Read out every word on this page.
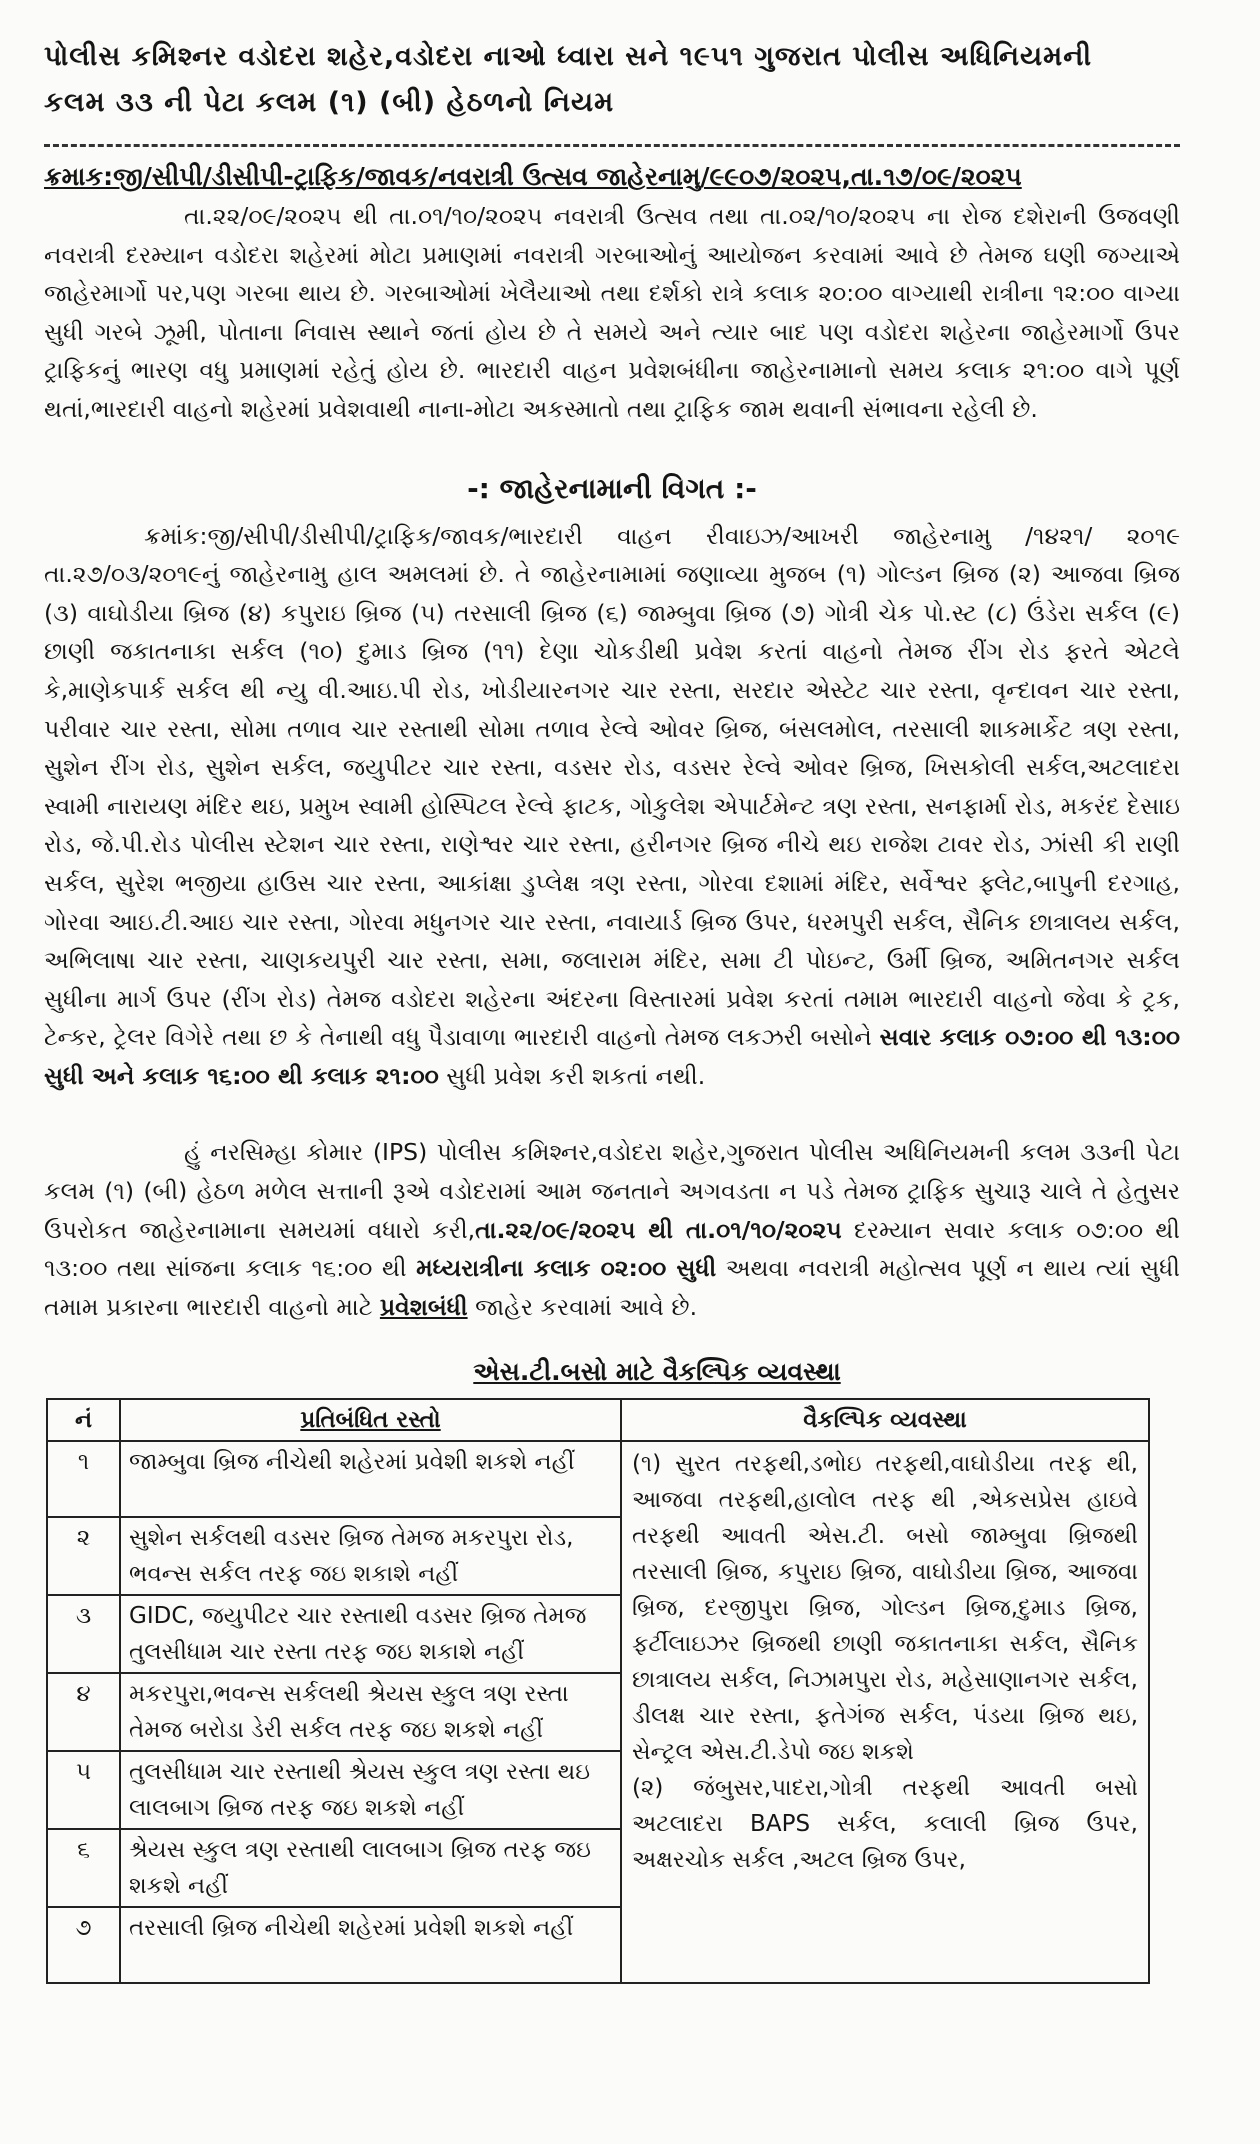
પોલીસ કમિશ્નર વડોદરા શહેર,વડોદરા નાઓ ધ્વારા સને ૧૯૫૧ ગુજરાત પોલીસ અધિનિયમની
કલમ ૩૩ ની પેટા કલમ (૧) (બી) હેઠળનો નિયમ
ક્રમાક:જી/સીપી/ડીસીપી-ટ્રાફિક/જાવક/નવરાત્રી ઉત્સવ જાહેરનામુ/૯૯૦૭/૨૦૨૫,તા.૧૭/૦૯/૨૦૨૫

તા.૨૨/૦૯/૨૦૨૫ થી તા.૦૧/૧૦/૨૦૨૫ નવરાત્રી ઉત્સવ તથા તા.૦૨/૧૦/૨૦૨૫ ના રોજ દશેરાની ઉજવણી નવરાત્રી દરમ્યાન વડોદરા શહેરમાં મોટા પ્રમાણમાં નવરાત્રી ગરબાઓનું આયોજન કરવામાં આવે છે તેમજ ઘણી જગ્યાએ જાહેરમાર્ગો પર,પણ ગરબા થાય છે. ગરબાઓમાં ખેલૈયાઓ તથા દર્શકો રાત્રે કલાક ૨૦:૦૦ વાગ્યાથી રાત્રીના ૧૨:૦૦ વાગ્યા સુધી ગરબે ઝૂમી, પોતાના નિવાસ સ્થાને જતાં હોય છે તે સમયે અને ત્યાર બાદ પણ વડોદરા શહેરના જાહેરમાર્ગો ઉપર ટ્રાફિકનું ભારણ વધુ પ્રમાણમાં રહેતું હોય છે. ભારદારી વાહન પ્રવેશબંધીના જાહેરનામાનો સમય કલાક ૨૧:૦૦ વાગે પૂર્ણ થતાં,ભારદારી વાહનો શહેરમાં પ્રવેશવાથી નાના-મોટા અકસ્માતો તથા ટ્રાફિક જામ થવાની સંભાવના રહેલી છે.

-: જાહેરનામાની વિગત :-

ક્રમાંક:જી/સીપી/ડીસીપી/ટ્રાફિક/જાવક/ભારદારી વાહન રીવાઇઝ/આખરી જાહેરનામુ /૧૪૨૧/ ૨૦૧૯ તા.૨૭/૦૩/૨૦૧૯નું જાહેરનામુ હાલ અમલમાં છે. તે જાહેરનામામાં જણાવ્યા મુજબ (૧) ગોલ્ડન બ્રિજ (૨) આજવા બ્રિજ (૩) વાઘોડીયા બ્રિજ (૪) કપુરાઇ બ્રિજ (૫) તરસાલી બ્રિજ (૬) જામ્બુવા બ્રિજ (૭) ગોત્રી ચેક પો.સ્ટ (૮) ઉંડેરા સર્કલ (૯) છાણી જકાતનાકા સર્કલ (૧૦) દુમાડ બ્રિજ (૧૧) દેણા ચોકડીથી પ્રવેશ કરતાં વાહનો તેમજ રીંગ રોડ ફરતે એટલે કે,માણેકપાર્ક સર્કલ થી ન્યુ વી.આઇ.પી રોડ, ખોડીયારનગર ચાર રસ્તા, સરદાર એસ્ટેટ ચાર રસ્તા, વૃન્દાવન ચાર રસ્તા, પરીવાર ચાર રસ્તા, સોમા તળાવ ચાર રસ્તાથી સોમા તળાવ રેલ્વે ઓવર બ્રિજ, બંસલમોલ, તરસાલી શાકમાર્કેટ ત્રણ રસ્તા, સુશેન રીંગ રોડ, સુશેન સર્કલ, જયુપીટર ચાર રસ્તા, વડસર રોડ, વડસર રેલ્વે ઓવર બ્રિજ, ખિસકોલી સર્કલ,અટલાદરા સ્વામી નારાયણ મંદિર થઇ, પ્રમુખ સ્વામી હોસ્પિટલ રેલ્વે ફાટક, ગોકુલેશ એપાર્ટમેન્ટ ત્રણ રસ્તા, સનફાર્મા રોડ, મકરંદ દેસાઇ રોડ, જે.પી.રોડ પોલીસ સ્ટેશન ચાર રસ્તા, રાણેશ્વર ચાર રસ્તા, હરીનગર બ્રિજ નીચે થઇ રાજેશ ટાવર રોડ, ઝાંસી કી રાણી સર્કલ, સુરેશ ભજીયા હાઉસ ચાર રસ્તા, આકાંક્ષા ડુપ્લેક્ષ ત્રણ રસ્તા, ગોરવા દશામાં મંદિર, સર્વેશ્વર ફ્લેટ,બાપુની દરગાહ, ગોરવા આઇ.ટી.આઇ ચાર રસ્તા, ગોરવા મધુનગર ચાર રસ્તા, નવાયાર્ડ બ્રિજ ઉપર, ધરમપુરી સર્કલ, સૈનિક છાત્રાલય સર્કલ, અભિલાષા ચાર રસ્તા, ચાણકયપુરી ચાર રસ્તા, સમા, જલારામ મંદિર, સમા ટી પોઇન્ટ, ઉર્મી બ્રિજ, અમિતનગર સર્કલ સુધીના માર્ગ ઉપર (રીંગ રોડ) તેમજ વડોદરા શહેરના અંદરના વિસ્તારમાં પ્રવેશ કરતાં તમામ ભારદારી વાહનો જેવા કે ટ્રક, ટેન્કર, ટ્રેલર વિગેરે તથા છ કે તેનાથી વધુ પૈડાવાળા ભારદારી વાહનો તેમજ લકઝરી બસોને સવાર કલાક ૦૭:૦૦ થી ૧૩:૦૦ સુધી અને કલાક ૧૬:૦૦ થી કલાક ૨૧:૦૦ સુધી પ્રવેશ કરી શકતાં નથી.

હું નરસિમ્હા કોમાર (IPS) પોલીસ કમિશ્નર,વડોદરા શહેર,ગુજરાત પોલીસ અધિનિયમની કલમ ૩૩ની પેટા કલમ (૧) (બી) હેઠળ મળેલ સત્તાની રૂએ વડોદરામાં આમ જનતાને અગવડતા ન પડે તેમજ ટ્રાફિક સુચારૂ ચાલે તે હેતુસર ઉપરોકત જાહેરનામાના સમયમાં વધારો કરી,તા.૨૨/૦૯/૨૦૨૫ થી તા.૦૧/૧૦/૨૦૨૫ દરમ્યાન સવાર કલાક ૦૭:૦૦ થી ૧૩:૦૦ તથા સાંજના કલાક ૧૬:૦૦ થી મધ્યરાત્રીના કલાક ૦૨:૦૦ સુધી અથવા નવરાત્રી મહોત્સવ પૂર્ણ ન થાય ત્યાં સુધી તમામ પ્રકારના ભારદારી વાહનો માટે પ્રવેશબંધી જાહેર કરવામાં આવે છે.

એસ.ટી.બસો માટે વૈકલ્પિક વ્યવસ્થા
નં	પ્રતિબંધિત રસ્તો	વૈકલ્પિક વ્યવસ્થા
૧	જામ્બુવા બ્રિજ નીચેથી શહેરમાં પ્રવેશી શકશે નહીં	(૧) સુરત તરફથી,ડભોઇ તરફથી,વાઘોડીયા તરફ થી, આજવા તરફથી,હાલોલ તરફ થી ,એકસપ્રેસ હાઇવે તરફથી આવતી એસ.ટી. બસો જામ્બુવા બ્રિજથી તરસાલી બ્રિજ, કપુરાઇ બ્રિજ, વાઘોડીયા બ્રિજ, આજવા બ્રિજ, દરજીપુરા બ્રિજ, ગોલ્ડન બ્રિજ,દુમાડ બ્રિજ, ફર્ટીલાઇઝર બ્રિજથી છાણી જકાતનાકા સર્કલ, સૈનિક છાત્રાલય સર્કલ, નિઝામપુરા રોડ, મહેસાણાનગર સર્કલ, ડીલક્ષ ચાર રસ્તા, ફતેગંજ સર્કલ, પંડયા બ્રિજ થઇ, સેન્ટ્રલ એસ.ટી.ડેપો જઇ શકશે
(૨) જંબુસર,પાદરા,ગોત્રી તરફથી આવતી બસો અટલાદરા BAPS સર્કલ, કલાલી બ્રિજ ઉપર, અક્ષરચોક સર્કલ ,અટલ બ્રિજ ઉપર,

૨	સુશેન સર્કલથી વડસર બ્રિજ તેમજ મકરપુરા રોડ, ભવન્સ સર્કલ તરફ જઇ શકાશે નહીં	
૩	GIDC, જયુપીટર ચાર રસ્તાથી વડસર બ્રિજ તેમજ તુલસીધામ ચાર રસ્તા તરફ જઇ શકાશે નહીં	
૪	મકરપુરા,ભવન્સ સર્કલથી શ્રેયસ સ્કુલ ત્રણ રસ્તા તેમજ બરોડા ડેરી સર્કલ તરફ જઇ શકશે નહીં	
૫	તુલસીધામ ચાર રસ્તાથી શ્રેયસ સ્કુલ ત્રણ રસ્તા થઇ લાલબાગ બ્રિજ તરફ જઇ શકશે નહીં	
૬	શ્રેયસ સ્કુલ ત્રણ રસ્તાથી લાલબાગ બ્રિજ તરફ જઇ શકશે નહીં	
૭	તરસાલી બ્રિજ નીચેથી શહેરમાં પ્રવેશી શકશે નહીં	
